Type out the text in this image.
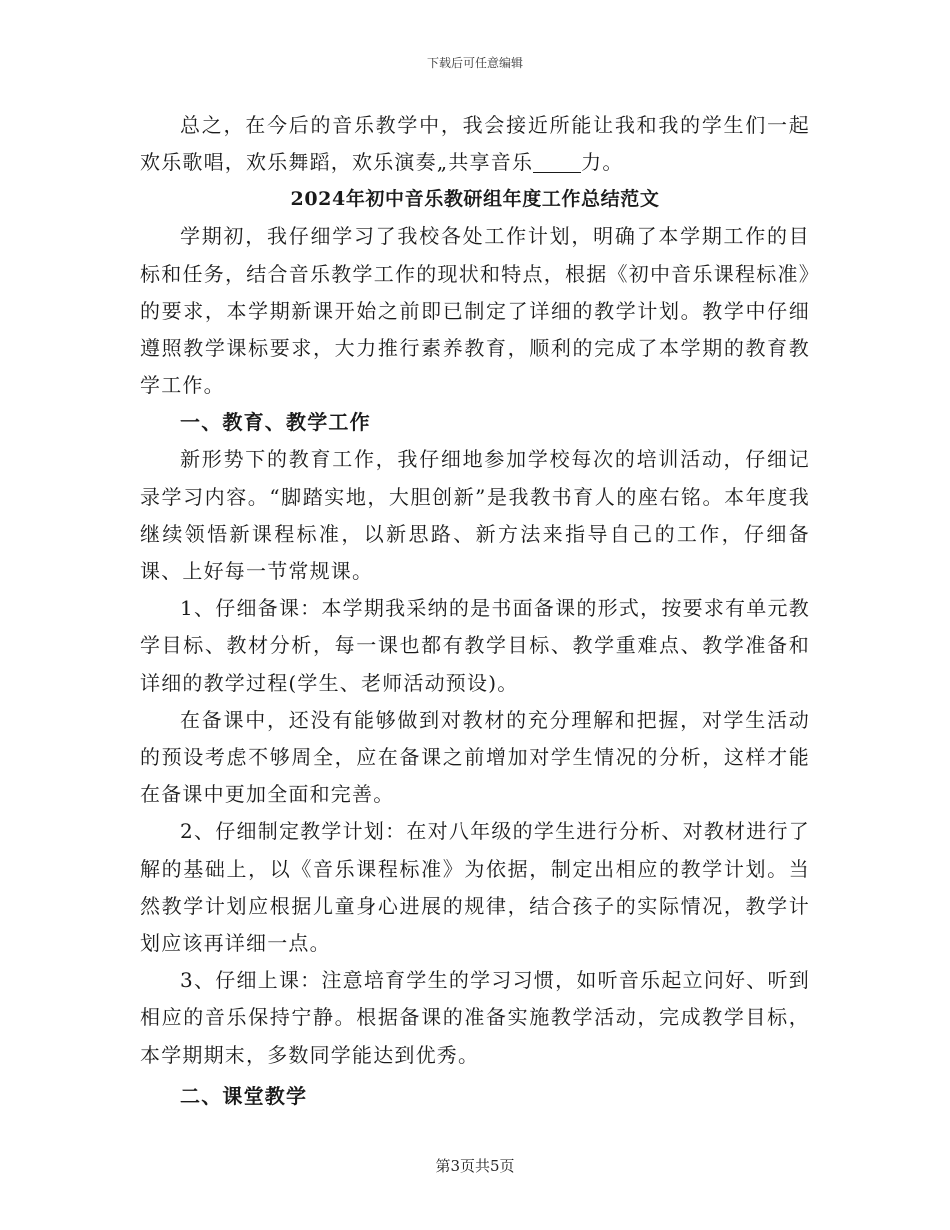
下载后可任意编辑

总之，在今后的音乐教学中，我会接近所能让我和我的学生们一起欢乐歌唱，欢乐舞蹈，欢乐演奏„共享音乐 力。

2024年初中音乐教研组年度工作总结范文

学期初，我仔细学习了我校各处工作计划，明确了本学期工作的目标和任务，结合音乐教学工作的现状和特点，根据《初中音乐课程标准》的要求，本学期新课开始之前即已制定了详细的教学计划。教学中仔细遵照教学课标要求，大力推行素养教育，顺利的完成了本学期的教育教学工作。

一、教育、教学工作

新形势下的教育工作，我仔细地参加学校每次的培训活动，仔细记录学习内容。“脚踏实地，大胆创新”是我教书育人的座右铭。本年度我继续领悟新课程标准，以新思路、新方法来指导自己的工作，仔细备课、上好每一节常规课。

1、仔细备课：本学期我采纳的是书面备课的形式，按要求有单元教学目标、教材分析，每一课也都有教学目标、教学重难点、教学准备和详细的教学过程(学生、老师活动预设)。

在备课中，还没有能够做到对教材的充分理解和把握，对学生活动的预设考虑不够周全，应在备课之前增加对学生情况的分析，这样才能在备课中更加全面和完善。

2、仔细制定教学计划：在对八年级的学生进行分析、对教材进行了解的基础上，以《音乐课程标准》为依据，制定出相应的教学计划。当然教学计划应根据儿童身心进展的规律，结合孩子的实际情况，教学计划应该再详细一点。

3、仔细上课：注意培育学生的学习习惯，如听音乐起立问好、听到相应的音乐保持宁静。根据备课的准备实施教学活动，完成教学目标，本学期期末，多数同学能达到优秀。

二、课堂教学

第3页共5页
